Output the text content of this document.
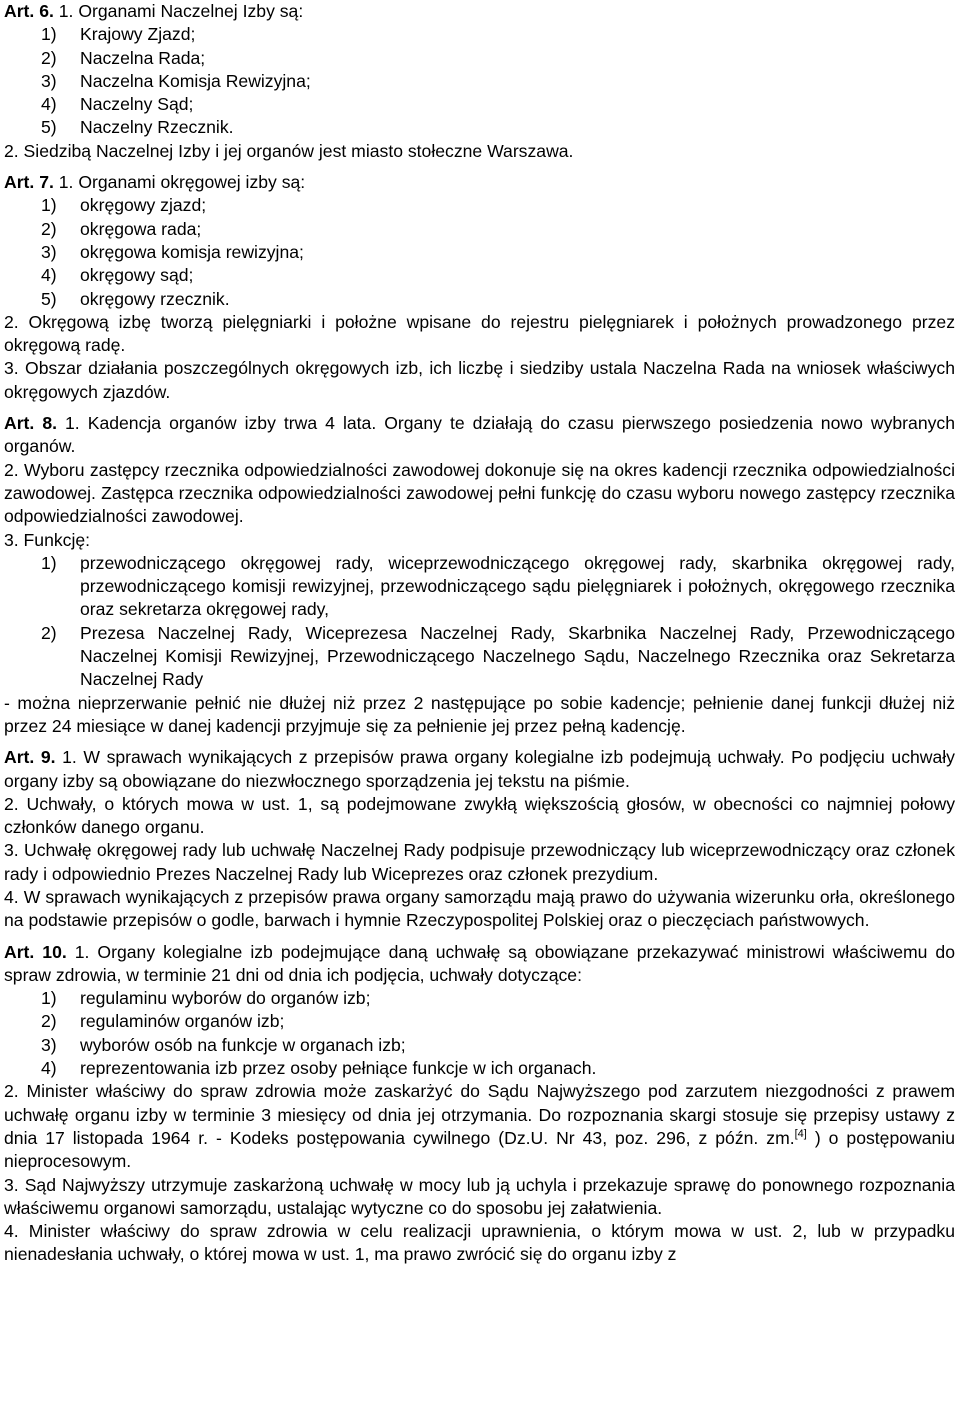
Art. 6. 1. Organami Naczelnej Izby są:

1)	Krajowy Zjazd;
2)	Naczelna Rada;
3)	Naczelna Komisja Rewizyjna;
4)	Naczelny Sąd;
5)	Naczelny Rzecznik.

2. Siedzibą Naczelnej Izby i jej organów jest miasto stołeczne Warszawa.

Art. 7. 1. Organami okręgowej izby są:

1)	okręgowy zjazd;
2)	okręgowa rada;
3)	okręgowa komisja rewizyjna;
4)	okręgowy sąd;
5)	okręgowy rzecznik.

2. Okręgową izbę tworzą pielęgniarki i położne wpisane do rejestru pielęgniarek i położnych prowadzonego przez okręgową radę.

3. Obszar działania poszczególnych okręgowych izb, ich liczbę i siedziby ustala Naczelna Rada na wniosek właściwych okręgowych zjazdów.

Art. 8. 1. Kadencja organów izby trwa 4 lata. Organy te działają do czasu pierwszego posiedzenia nowo wybranych organów.

2. Wyboru zastępcy rzecznika odpowiedzialności zawodowej dokonuje się na okres kadencji rzecznika odpowiedzialności zawodowej. Zastępca rzecznika odpowiedzialności zawodowej pełni funkcję do czasu wyboru nowego zastępcy rzecznika odpowiedzialności zawodowej.

3. Funkcję:

1)	przewodniczącego okręgowej rady, wiceprzewodniczącego okręgowej rady, skarbnika okręgowej rady, przewodniczącego komisji rewizyjnej, przewodniczącego sądu pielęgniarek i położnych, okręgowego rzecznika oraz sekretarza okręgowej rady,
2)	Prezesa Naczelnej Rady, Wiceprezesa Naczelnej Rady, Skarbnika Naczelnej Rady, Przewodniczącego Naczelnej Komisji Rewizyjnej, Przewodniczącego Naczelnego Sądu, Naczelnego Rzecznika oraz Sekretarza Naczelnej Rady

- można nieprzerwanie pełnić nie dłużej niż przez 2 następujące po sobie kadencje; pełnienie danej funkcji dłużej niż przez 24 miesiące w danej kadencji przyjmuje się za pełnienie jej przez pełną kadencję.

Art. 9. 1. W sprawach wynikających z przepisów prawa organy kolegialne izb podejmują uchwały. Po podjęciu uchwały organy izby są obowiązane do niezwłocznego sporządzenia jej tekstu na piśmie.

2. Uchwały, o których mowa w ust. 1, są podejmowane zwykłą większością głosów, w obecności co najmniej połowy członków danego organu.

3. Uchwałę okręgowej rady lub uchwałę Naczelnej Rady podpisuje przewodniczący lub wiceprzewodniczący oraz członek rady i odpowiednio Prezes Naczelnej Rady lub Wiceprezes oraz członek prezydium.

4. W sprawach wynikających z przepisów prawa organy samorządu mają prawo do używania wizerunku orła, określonego na podstawie przepisów o godle, barwach i hymnie Rzeczypospolitej Polskiej oraz o pieczęciach państwowych.

Art. 10. 1. Organy kolegialne izb podejmujące daną uchwałę są obowiązane przekazywać ministrowi właściwemu do spraw zdrowia, w terminie 21 dni od dnia ich podjęcia, uchwały dotyczące:

1)	regulaminu wyborów do organów izb;
2)	regulaminów organów izb;
3)	wyborów osób na funkcje w organach izb;
4)	reprezentowania izb przez osoby pełniące funkcje w ich organach.

2. Minister właściwy do spraw zdrowia może zaskarżyć do Sądu Najwyższego pod zarzutem niezgodności z prawem uchwałę organu izby w terminie 3 miesięcy od dnia jej otrzymania. Do rozpoznania skargi stosuje się przepisy ustawy z dnia 17 listopada 1964 r. - Kodeks postępowania cywilnego (Dz.U. Nr 43, poz. 296, z późn. zm.[4] ) o postępowaniu nieprocesowym.

3. Sąd Najwyższy utrzymuje zaskarżoną uchwałę w mocy lub ją uchyla i przekazuje sprawę do ponownego rozpoznania właściwemu organowi samorządu, ustalając wytyczne co do sposobu jej załatwienia.

4. Minister właściwy do spraw zdrowia w celu realizacji uprawnienia, o którym mowa w ust. 2, lub w przypadku nienadesłania uchwały, o której mowa w ust. 1, ma prawo zwrócić się do organu izby z
